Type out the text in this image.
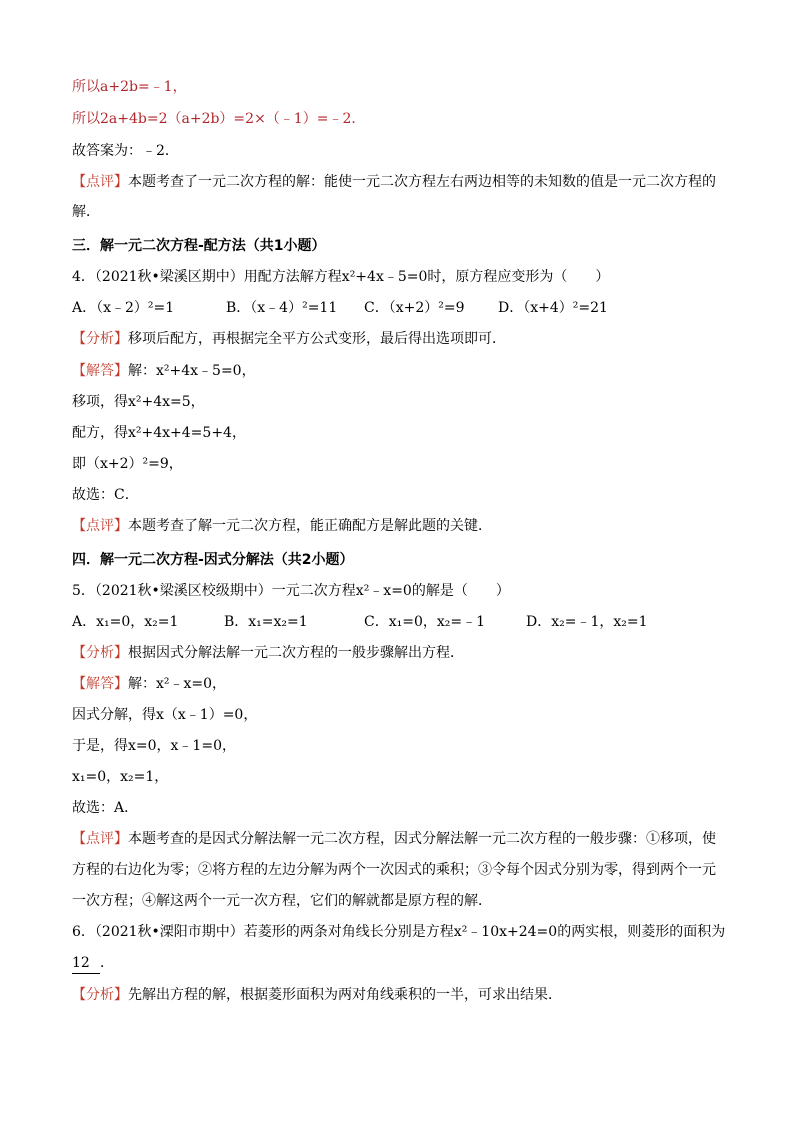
所以a+2b=﹣1，
所以2a+4b=2（a+2b）=2×（﹣1）=﹣2．
故答案为：﹣2．
【点评】本题考查了一元二次方程的解：能使一元二次方程左右两边相等的未知数的值是一元二次方程的
解．
三．解一元二次方程-配方法（共1小题）
4．（2021秋•梁溪区期中）用配方法解方程x²+4x﹣5=0时，原方程应变形为（　　）
A．（x﹣2）²=1	B．（x﹣4）²=11 C．（x+2）²=9 D．（x+4）²=21
【分析】移项后配方，再根据完全平方公式变形，最后得出选项即可．
【解答】解：x²+4x﹣5=0，
移项，得x²+4x=5，
配方，得x²+4x+4=5+4，
即（x+2）²=9，
故选：C．
【点评】本题考查了解一元二次方程，能正确配方是解此题的关键．
四．解一元二次方程-因式分解法（共2小题）
5．（2021秋•梁溪区校级期中）一元二次方程x²﹣x=0的解是（　　）
A．x₁=0，x₂=1	B．x₁=x₂=1	C．x₁=0，x₂=﹣1	D．x₂=﹣1，x₂=1
【分析】根据因式分解法解一元二次方程的一般步骤解出方程．
【解答】解：x²﹣x=0，
因式分解，得x（x﹣1）=0，
于是，得x=0，x﹣1=0，
x₁=0，x₂=1，
故选：A．
【点评】本题考查的是因式分解法解一元二次方程，因式分解法解一元二次方程的一般步骤：①移项，使
方程的右边化为零；②将方程的左边分解为两个一次因式的乘积；③令每个因式分别为零，得到两个一元
一次方程；④解这两个一元一次方程，它们的解就都是原方程的解．
6．（2021秋•溧阳市期中）若菱形的两条对角线长分别是方程x²﹣10x+24=0的两实根，则菱形的面积为
12 ．
【分析】先解出方程的解，根据菱形面积为两对角线乘积的一半，可求出结果．
